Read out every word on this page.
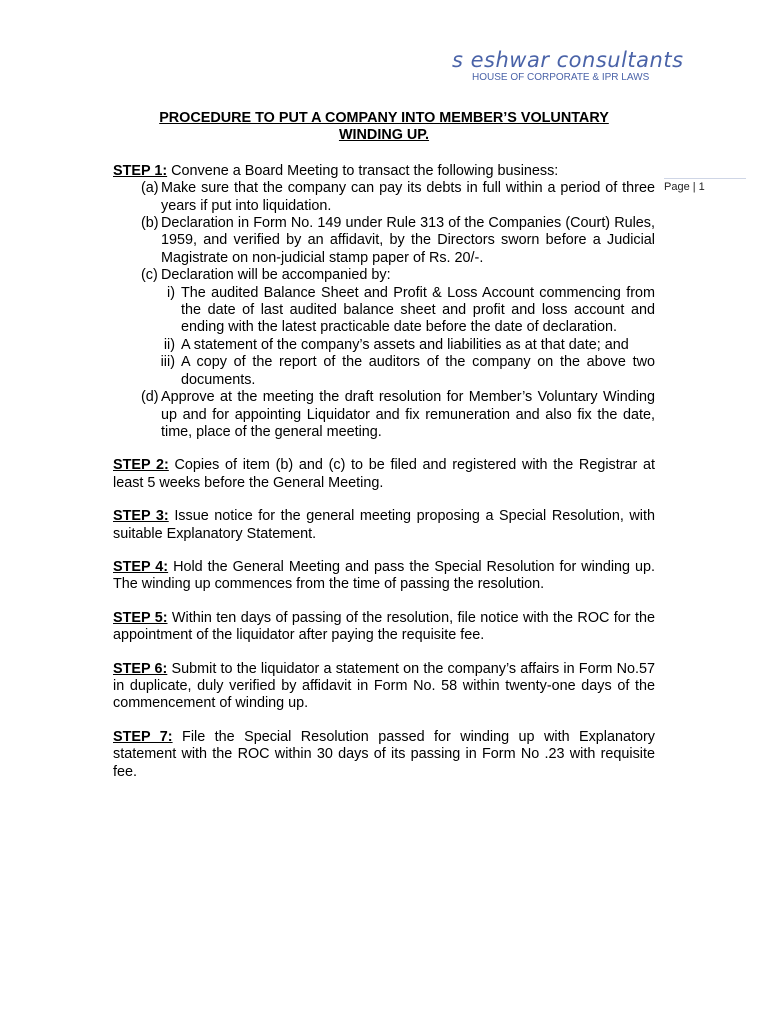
s eshwar consultants
HOUSE OF CORPORATE & IPR LAWS
Page | 1
PROCEDURE TO PUT A COMPANY INTO MEMBER’S VOLUNTARY
WINDING UP.
STEP 1: Convene a Board Meeting to transact the following business:
(a) Make sure that the company can pay its debts in full within a period of three years if put into liquidation.
(b) Declaration in Form No. 149 under Rule 313 of the Companies (Court) Rules, 1959, and verified by an affidavit, by the Directors sworn before a Judicial Magistrate on non-judicial stamp paper of Rs. 20/-.
(c) Declaration will be accompanied by:
i) The audited Balance Sheet and Profit & Loss Account commencing from the date of last audited balance sheet and profit and loss account and ending with the latest practicable date before the date of declaration.
ii) A statement of the company’s assets and liabilities as at that date; and
iii) A copy of the report of the auditors of the company on the above two documents.
(d) Approve at the meeting the draft resolution for Member’s Voluntary Winding up and for appointing Liquidator and fix remuneration and also fix the date, time, place of the general meeting.
STEP 2: Copies of item (b) and (c) to be filed and registered with the Registrar at least 5 weeks before the General Meeting.
STEP 3: Issue notice for the general meeting proposing a Special Resolution, with suitable Explanatory Statement.
STEP 4: Hold the General Meeting and pass the Special Resolution for winding up. The winding up commences from the time of passing the resolution.
STEP 5: Within ten days of passing of the resolution, file notice with the ROC for the appointment of the liquidator after paying the requisite fee.
STEP 6: Submit to the liquidator a statement on the company’s affairs in Form No.57 in duplicate, duly verified by affidavit in Form No. 58 within twenty-one days of the commencement of winding up.
STEP 7: File the Special Resolution passed for winding up with Explanatory statement with the ROC within 30 days of its passing in Form No .23 with requisite fee.
